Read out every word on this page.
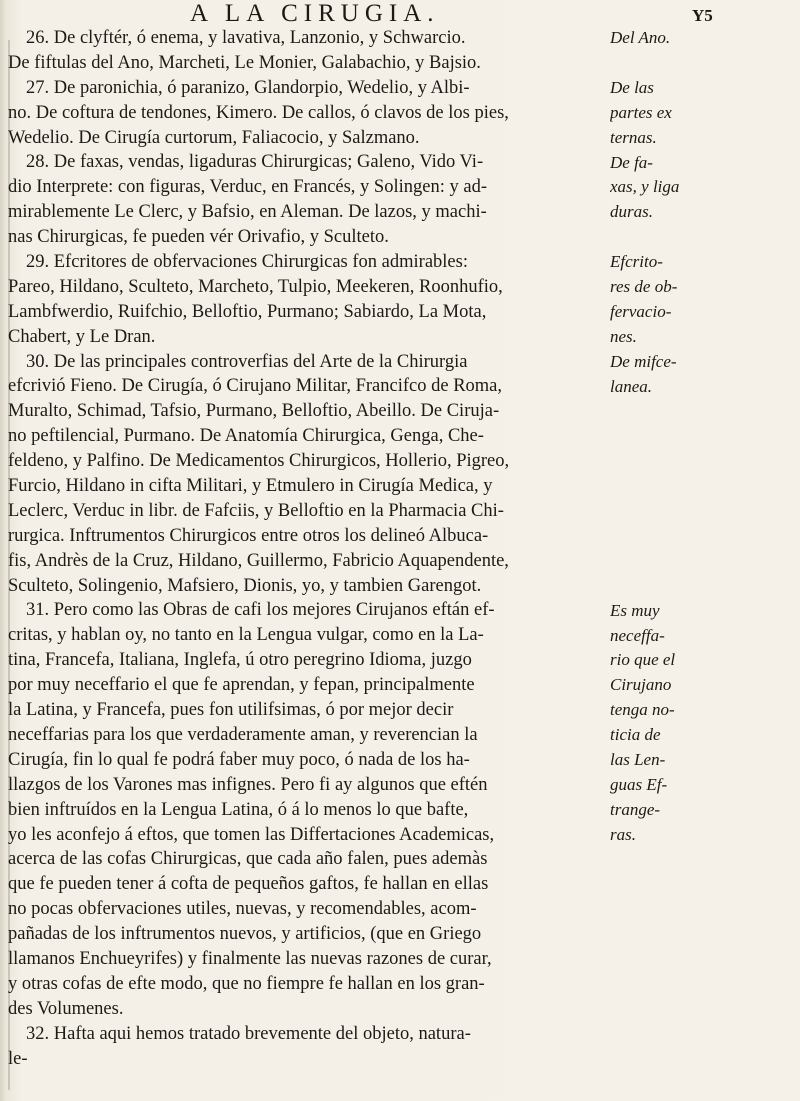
A LA CIRUGIA.	Y5
26. De clyftér, ó enema, y lavativa, Lanzonio, y Schwarcio.
De fiftulas del Ano, Marcheti, Le Monier, Galabachio, y Bajsio.
27. De paronichia, ó paranizo, Glandorpio, Wedelio, y Albi-
no. De coftura de tendones, Kimero. De callos, ó clavos de los pies,
Wedelio. De Cirugía curtorum, Faliacocio, y Salzmano.
28. De faxas, vendas, ligaduras Chirurgicas; Galeno, Vido Vi-
dio Interprete: con figuras, Verduc, en Francés, y Solingen: y ad-
mirablemente Le Clerc, y Bafsio, en Aleman. De lazos, y machi-
nas Chirurgicas, fe pueden vér Orivafio, y Sculteto.
29. Efcritores de obfervaciones Chirurgicas fon admirables:
Pareo, Hildano, Sculteto, Marcheto, Tulpio, Meekeren, Roonhufio,
Lambfwerdio, Ruifchio, Belloftio, Purmano; Sabiardo, La Mota,
Chabert, y Le Dran.
30. De las principales controverfias del Arte de la Chirurgia
efcrivió Fieno. De Cirugía, ó Cirujano Militar, Francifco de Roma,
Muralto, Schimad, Tafsio, Purmano, Belloftio, Abeillo. De Ciruja-
no peftilencial, Purmano. De Anatomía Chirurgica, Genga, Che-
feldeno, y Palfino. De Medicamentos Chirurgicos, Hollerio, Pigreo,
Furcio, Hildano in cifta Militari, y Etmulero in Cirugía Medica, y
Leclerc, Verduc in libr. de Fafciis, y Belloftio en la Pharmacia Chi-
rurgica. Inftrumentos Chirurgicos entre otros los delineó Albuca-
fis, Andrès de la Cruz, Hildano, Guillermo, Fabricio Aquapendente,
Sculteto, Solingenio, Mafsiero, Dionis, yo, y tambien Garengot.
31. Pero como las Obras de cafi los mejores Cirujanos eftán ef-
critas, y hablan oy, no tanto en la Lengua vulgar, como en la La-
tina, Francefa, Italiana, Inglefa, ú otro peregrino Idioma, juzgo
por muy neceffario el que fe aprendan, y fepan, principalmente
la Latina, y Francefa, pues fon utilifsimas, ó por mejor decir
neceffarias para los que verdaderamente aman, y reverencian la
Cirugía, fin lo qual fe podrá faber muy poco, ó nada de los ha-
llazgos de los Varones mas infignes. Pero fi ay algunos que eftén
bien inftruídos en la Lengua Latina, ó á lo menos lo que bafte,
yo les aconfejo á eftos, que tomen las Differtaciones Academicas,
acerca de las cofas Chirurgicas, que cada año falen, pues ademàs
que fe pueden tener á cofta de pequeños gaftos, fe hallan en ellas
no pocas obfervaciones utiles, nuevas, y recomendables, acom-
pañadas de los inftrumentos nuevos, y artificios, (que en Griego
llamanos Enchueyrifes) y finalmente las nuevas razones de curar,
y otras cofas de efte modo, que no fiempre fe hallan en los gran-
des Volumenes.
32. Hafta aqui hemos tratado brevemente del objeto, natura-
le-
Del Ano.
De las
partes ex
ternas.
De fa-
xas, y liga
duras.
Efcrito-
res de ob-
fervacio-
nes.
De mifce-
lanea.
Es muy
neceffa-
rio que el
Cirujano
tenga no-
ticia de
las Len-
guas Ef-
trange-
ras.
